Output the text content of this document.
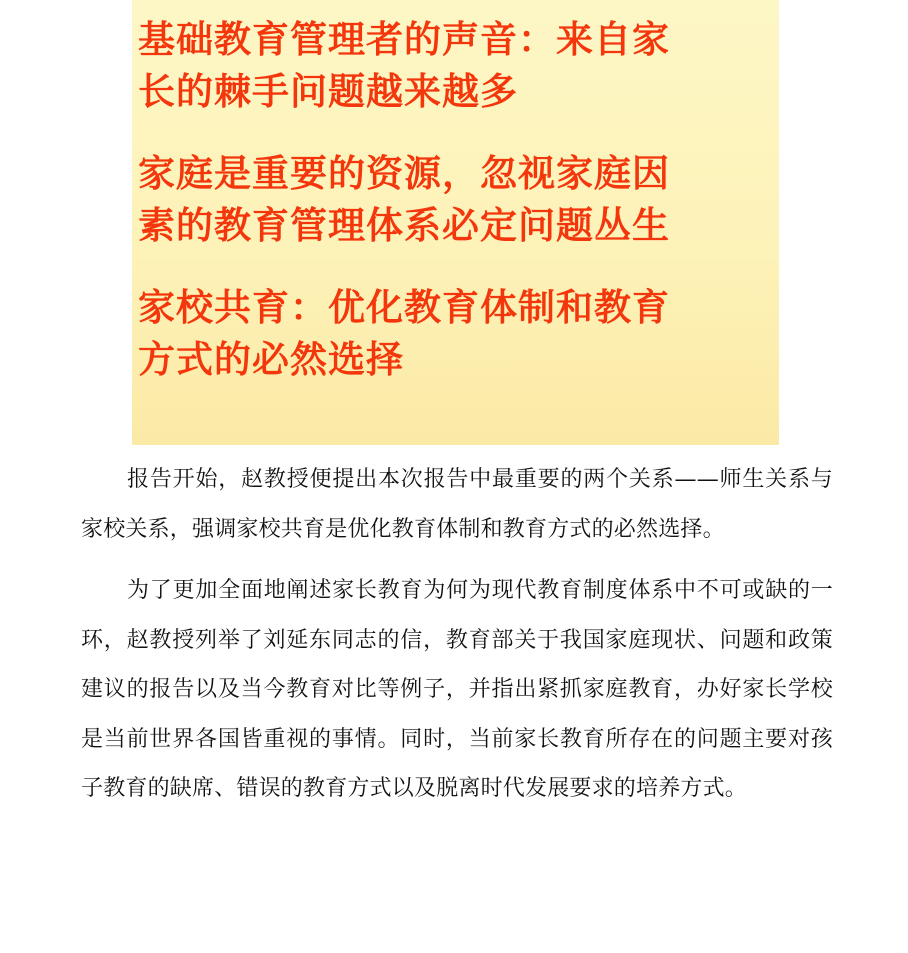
基础教育管理者的声音：来自家

长的棘手问题越来越多

家庭是重要的资源，忽视家庭因

素的教育管理体系必定问题丛生

家校共育：优化教育体制和教育

方式的必然选择

报告开始，赵教授便提出本次报告中最重要的两个关系——师生关系与家校关系，强调家校共育是优化教育体制和教育方式的必然选择。

为了更加全面地阐述家长教育为何为现代教育制度体系中不可或缺的一环，赵教授列举了刘延东同志的信，教育部关于我国家庭现状、问题和政策建议的报告以及当今教育对比等例子，并指出紧抓家庭教育，办好家长学校是当前世界各国皆重视的事情。同时，当前家长教育所存在的问题主要对孩子教育的缺席、错误的教育方式以及脱离时代发展要求的培养方式。
